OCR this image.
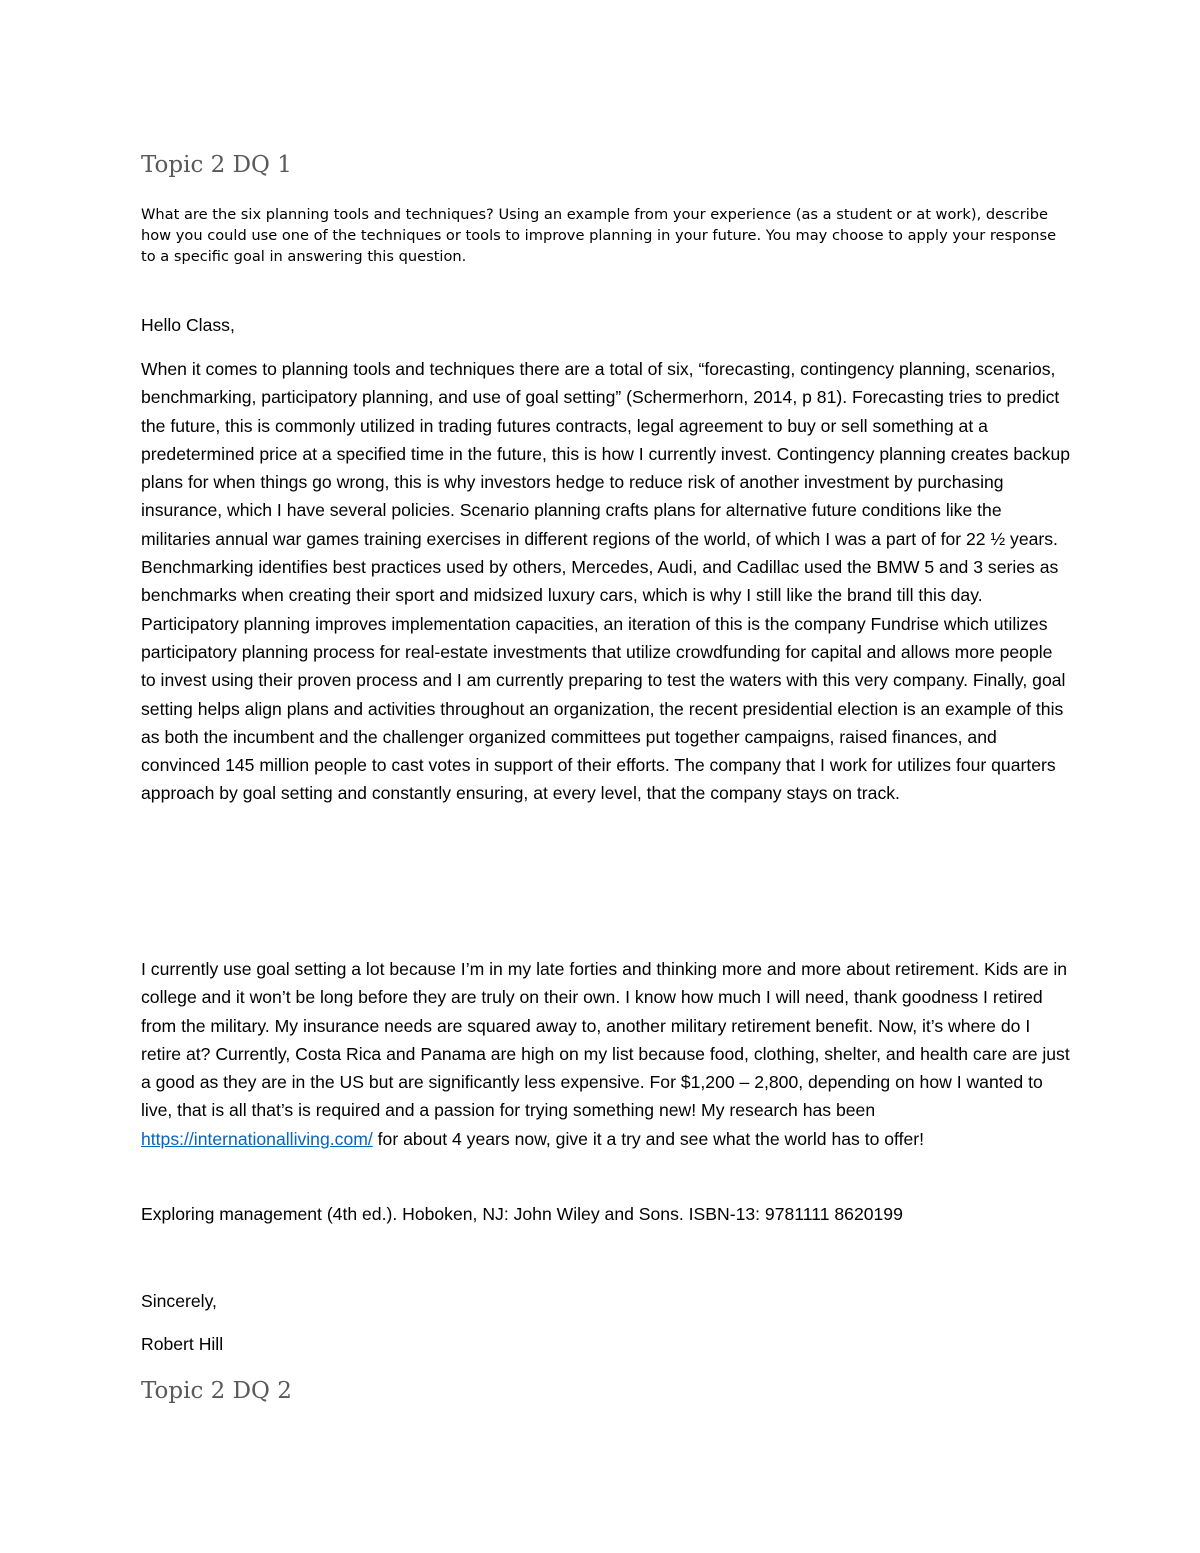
Topic 2 DQ 1

What are the six planning tools and techniques? Using an example from your experience (as a student or at work), describe how you could use one of the techniques or tools to improve planning in your future. You may choose to apply your response to a specific goal in answering this question.

Hello Class,

When it comes to planning tools and techniques there are a total of six, “forecasting, contingency planning, scenarios, benchmarking, participatory planning, and use of goal setting” (Schermerhorn, 2014, p 81). Forecasting tries to predict the future, this is commonly utilized in trading futures contracts, legal agreement to buy or sell something at a predetermined price at a specified time in the future, this is how I currently invest. Contingency planning creates backup plans for when things go wrong, this is why investors hedge to reduce risk of another investment by purchasing insurance, which I have several policies. Scenario planning crafts plans for alternative future conditions like the militaries annual war games training exercises in different regions of the world, of which I was a part of for 22 ½ years. Benchmarking identifies best practices used by others, Mercedes, Audi, and Cadillac used the BMW 5 and 3 series as benchmarks when creating their sport and midsized luxury cars, which is why I still like the brand till this day. Participatory planning improves implementation capacities, an iteration of this is the company Fundrise which utilizes participatory planning process for real-estate investments that utilize crowdfunding for capital and allows more people to invest using their proven process and I am currently preparing to test the waters with this very company. Finally, goal setting helps align plans and activities throughout an organization, the recent presidential election is an example of this as both the incumbent and the challenger organized committees put together campaigns, raised finances, and convinced 145 million people to cast votes in support of their efforts. The company that I work for utilizes four quarters approach by goal setting and constantly ensuring, at every level, that the company stays on track.

I currently use goal setting a lot because I’m in my late forties and thinking more and more about retirement. Kids are in college and it won’t be long before they are truly on their own. I know how much I will need, thank goodness I retired from the military. My insurance needs are squared away to, another military retirement benefit. Now, it’s where do I retire at? Currently, Costa Rica and Panama are high on my list because food, clothing, shelter, and health care are just a good as they are in the US but are significantly less expensive. For $1,200 – 2,800, depending on how I wanted to live, that is all that’s is required and a passion for trying something new! My research has been https://internationalliving.com/ for about 4 years now, give it a try and see what the world has to offer!

Exploring management (4th ed.). Hoboken, NJ: John Wiley and Sons. ISBN-13: 9781111 8620199

Sincerely,

Robert Hill

Topic 2 DQ 2
